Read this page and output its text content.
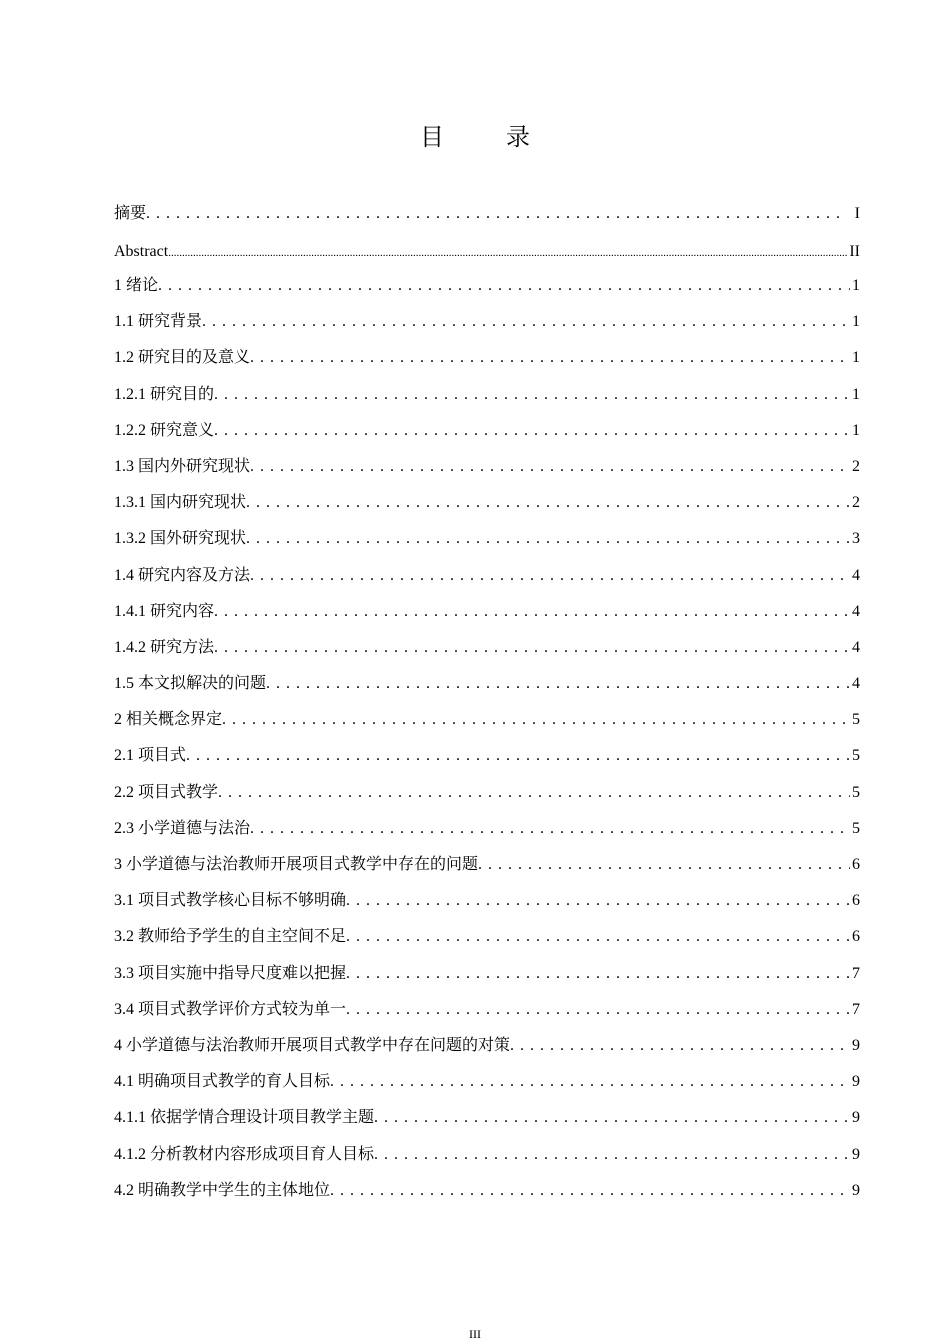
目 录
摘要 . . .	I
Abstract .....	II
1 绪论 . . .	1
1.1 研究背景 . . .	1
1.2 研究目的及意义 . . .	1
1.2.1 研究目的 . . .	1
1.2.2 研究意义 . . .	1
1.3 国内外研究现状 . . .	2
1.3.1 国内研究现状 . . .	2
1.3.2 国外研究现状 . . .	3
1.4 研究内容及方法 . . .	4
1.4.1 研究内容 . . .	4
1.4.2 研究方法 . . .	4
1.5 本文拟解决的问题 . . .	4
2 相关概念界定 . . .	5
2.1 项目式 . . .	5
2.2 项目式教学 . . .	5
2.3 小学道德与法治 . . .	5
3 小学道德与法治教师开展项目式教学中存在的问题 . . .	6
3.1 项目式教学核心目标不够明确 . . .	6
3.2 教师给予学生的自主空间不足 . . .	6
3.3 项目实施中指导尺度难以把握 . . .	7
3.4 项目式教学评价方式较为单一 . . .	7
4 小学道德与法治教师开展项目式教学中存在问题的对策 . . .	9
4.1 明确项目式教学的育人目标 . . .	9
4.1.1 依据学情合理设计项目教学主题 . . .	9
4.1.2 分析教材内容形成项目育人目标 . . .	9
4.2 明确教学中学生的主体地位 . . .	9
III
